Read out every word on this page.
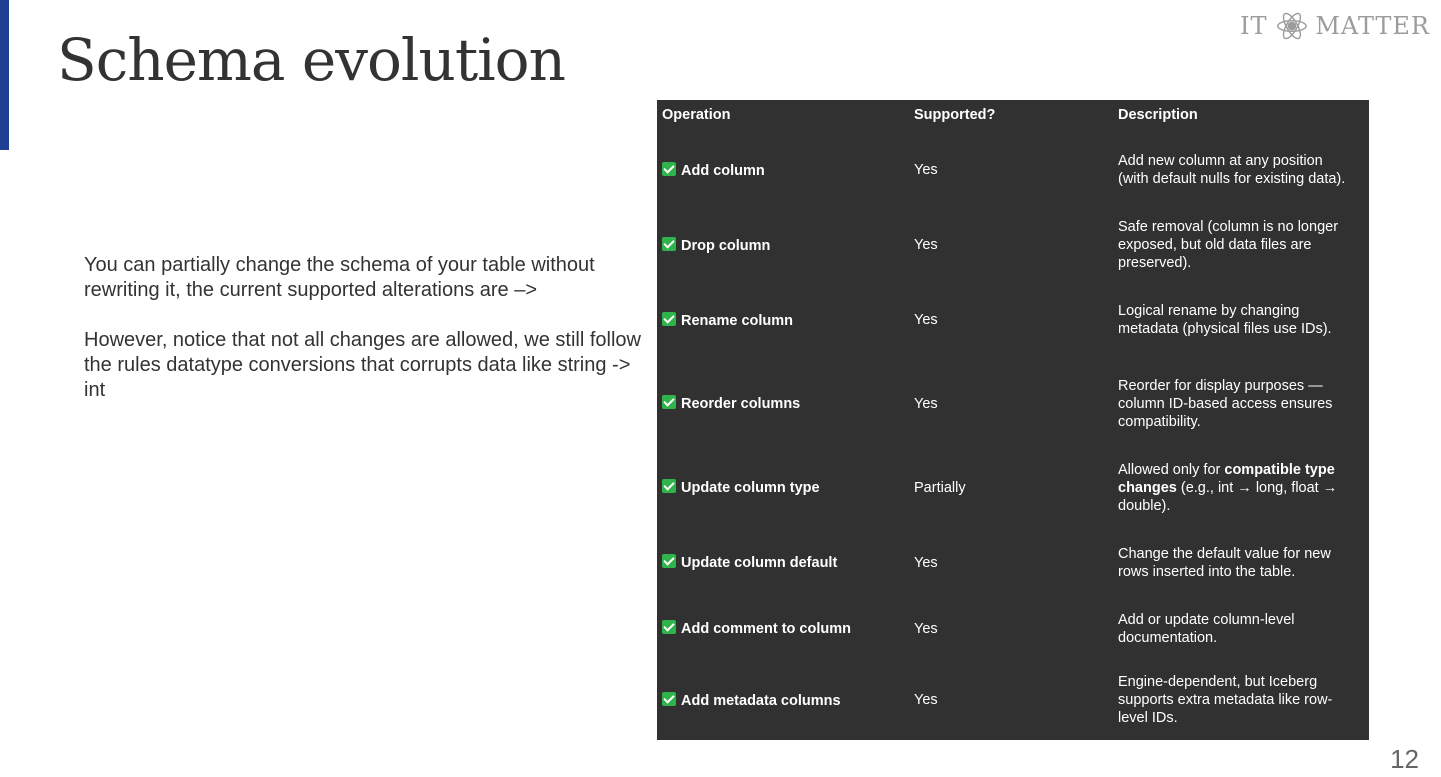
Schema evolution	IT MATTER

You can partially change the schema of your table without rewriting it, the current supported alterations are –>

However, notice that not all changes are allowed, we still follow the rules datatype conversions that corrupts data like string -> int

Operation	Supported?	Description
Add column	Yes	Add new column at any position (with default nulls for existing data).
Drop column	Yes	Safe removal (column is no longer exposed, but old data files are preserved).
Rename column	Yes	Logical rename by changing metadata (physical files use IDs).
Reorder columns	Yes	Reorder for display purposes — column ID-based access ensures compatibility.
Update column type	Partially	Allowed only for compatible type changes (e.g., int → long, float → double).
Update column default	Yes	Change the default value for new rows inserted into the table.
Add comment to column	Yes	Add or update column-level documentation.
Add metadata columns	Yes	Engine-dependent, but Iceberg supports extra metadata like row-level IDs.
12
